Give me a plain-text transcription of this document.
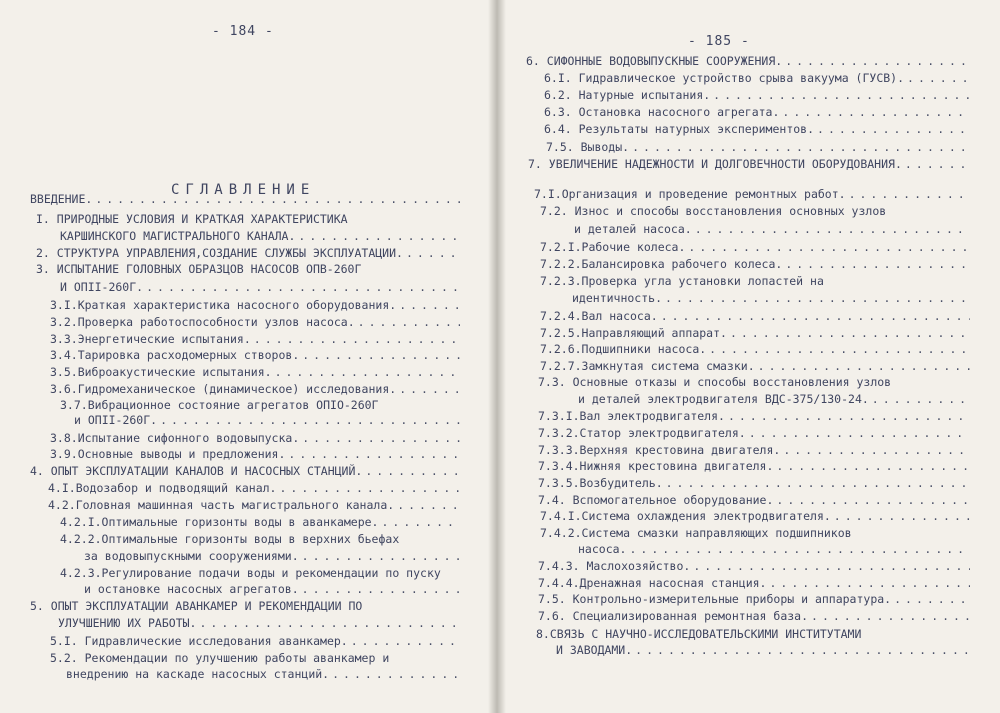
- 184 -
СГЛАВЛЕНИЕ
ВВЕДЕНИЕ.
.....
I. ПРИРОДНЫЕ УСЛОВИЯ И КРАТКАЯ ХАРАКТЕРИСТИКА
КАРШИНСКОГО МАГИСТРАЛЬНОГО КАНАЛА.
.....
2. СТРУКТУРА УПРАВЛЕНИЯ,СОЗДАНИЕ СЛУЖБЫ ЭКСПЛУАТАЦИИ.
.....
3. ИСПЫТАНИЕ ГОЛОВНЫХ ОБРАЗЦОВ НАСОСОВ ОПВ-260Г
И ОПII-260Г.
.....
3.I.Краткая характеристика насосного оборудования.
.....
3.2.Проверка работоспособности узлов насоса.
.....
3.3.Энергетические испытания.
.....
3.4.Тарировка расходомерных створов.
.....
3.5.Виброакустические испытания.
.....
3.6.Гидромеханическое (динамическое) исследования.
.....
3.7.Вибрационное состояние агрегатов ОПIO-260Г
и ОПII-260Г.
.....
3.8.Испытание сифонного водовыпуска.
.....
3.9.Основные выводы и предложения.
.....
4. ОПЫТ ЭКСПЛУАТАЦИИ КАНАЛОВ И НАСОСНЫХ СТАНЦИЙ.
.....
4.I.Водозабор и подводящий канал.
.....
4.2.Головная машинная часть магистрального канала.
.....
4.2.I.Оптимальные горизонты воды в аванкамере.
.....
4.2.2.Оптимальные горизонты воды в верхних бьефах
за водовыпускными сооружениями.
.....
4.2.3.Регулирование подачи воды и рекомендации по пуску
и остановке насосных агрегатов.
.....
5. ОПЫТ ЭКСПЛУАТАЦИИ АВАНКАМЕР И РЕКОМЕНДАЦИИ ПО
УЛУЧШЕНИЮ ИХ РАБОТЫ.
.....
5.I. Гидравлические исследования аванкамер.
.....
5.2. Рекомендации по улучшению работы аванкамер и
внедрению на каскаде насосных станций.
.....
- 185 -
6. СИФОННЫЕ ВОДОВЫПУСКНЫЕ СООРУЖЕНИЯ.
.....
6.I. Гидравлическое устройство срыва вакуума (ГУСВ).
.....
6.2. Натурные испытания.
.....
6.3. Остановка насосного агрегата.
.....
6.4. Результаты натурных экспериментов.
.....
7.5. Выводы.
.....
7. УВЕЛИЧЕНИЕ НАДЕЖНОСТИ И ДОЛГОВЕЧНОСТИ ОБОРУДОВАНИЯ.
.....
7.I.Организация и проведение ремонтных работ.
.....
7.2. Износ и способы восстановления основных узлов
и деталей насоса.
.....
7.2.I.Рабочие колеса.
.....
7.2.2.Балансировка рабочего колеса.
.....
7.2.3.Проверка угла установки лопастей на
идентичность.
.....
7.2.4.Вал насоса.
.....
7.2.5.Направляющий аппарат.
.....
7.2.6.Подшипники насоса.
.....
7.2.7.Замкнутая система смазки.
.....
7.3. Основные отказы и способы восстановления узлов
и деталей электродвигателя ВДС-375/130-24.
.....
7.3.I.Вал электродвигателя.
.....
7.3.2.Статор электродвигателя.
.....
7.3.3.Верхняя крестовина двигателя.
.....
7.3.4.Нижняя крестовина двигателя.
.....
7.3.5.Возбудитель.
.....
7.4. Вспомогательное оборудование.
.....
7.4.I.Система охлаждения электродвигателя.
.....
7.4.2.Система смазки направляющих подшипников
насоса.
.....
7.4.3. Маслохозяйство.
.....
7.4.4.Дренажная насосная станция.
.....
7.5. Контрольно-измерительные приборы и аппаратура.
.....
7.6. Специализированная ремонтная база.
.....
8.СВЯЗЬ С НАУЧНО-ИССЛЕДОВАТЕЛЬСКИМИ ИНСТИТУТАМИ
И ЗАВОДАМИ.
.....
